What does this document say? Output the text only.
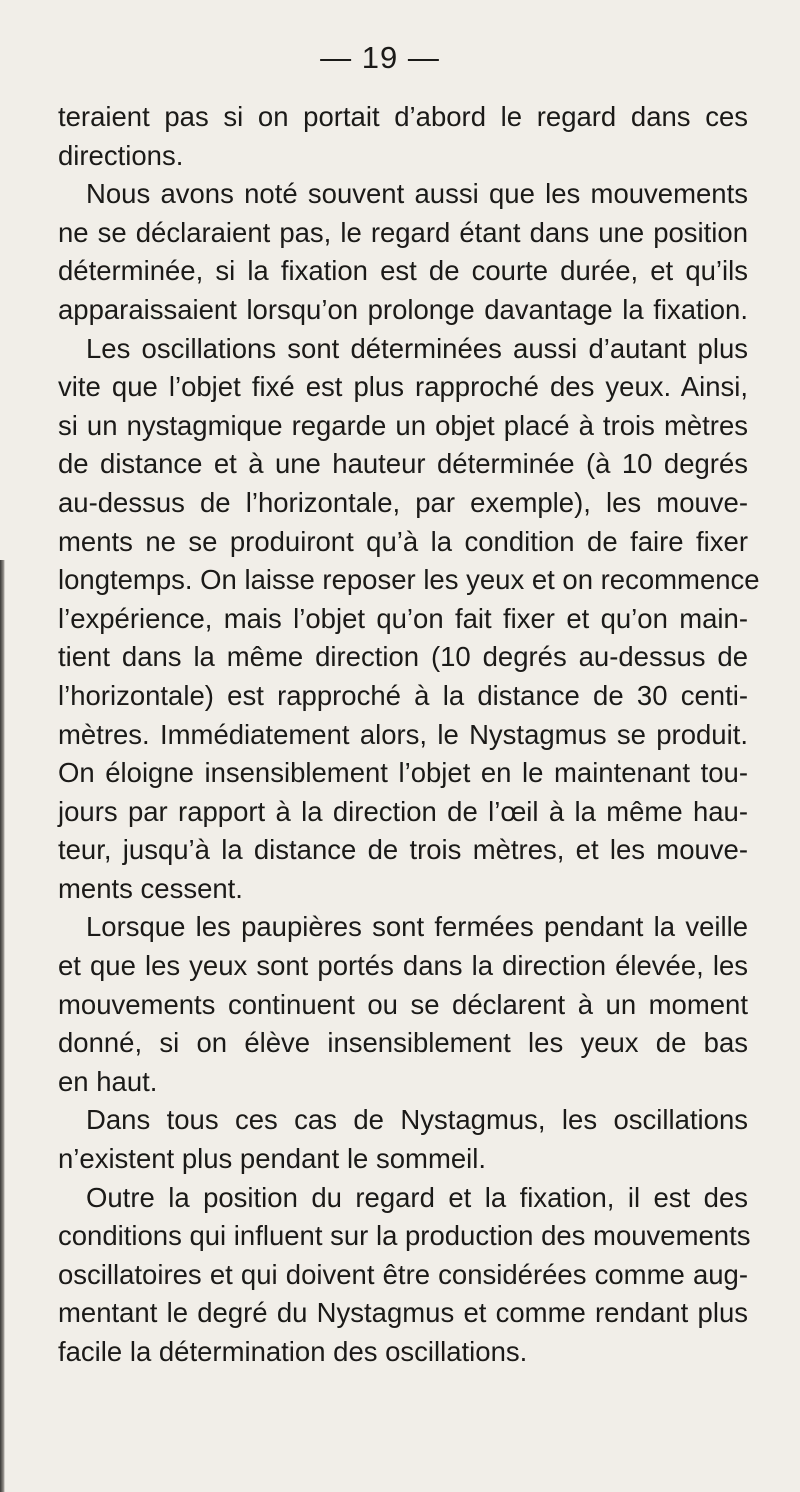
— 19 —
teraient pas si on portait d’abord le regard dans ces
directions.
Nous avons noté souvent aussi que les mouvements
ne se déclaraient pas, le regard étant dans une position
déterminée, si la fixation est de courte durée, et qu’ils
apparaissaient lorsqu’on prolonge davantage la fixation.
Les oscillations sont déterminées aussi d’autant plus
vite que l’objet fixé est plus rapproché des yeux. Ainsi,
si un nystagmique regarde un objet placé à trois mètres
de distance et à une hauteur déterminée (à 10 degrés
au-dessus de l’horizontale, par exemple), les mouve-
ments ne se produiront qu’à la condition de faire fixer
longtemps. On laisse reposer les yeux et on recommence
l’expérience, mais l’objet qu’on fait fixer et qu’on main-
tient dans la même direction (10 degrés au-dessus de
l’horizontale) est rapproché à la distance de 30 centi-
mètres. Immédiatement alors, le Nystagmus se produit.
On éloigne insensiblement l’objet en le maintenant tou-
jours par rapport à la direction de l’œil à la même hau-
teur, jusqu’à la distance de trois mètres, et les mouve-
ments cessent.
Lorsque les paupières sont fermées pendant la veille
et que les yeux sont portés dans la direction élevée, les
mouvements continuent ou se déclarent à un moment
donné, si on élève insensiblement les yeux de bas
en haut.
Dans tous ces cas de Nystagmus, les oscillations
n’existent plus pendant le sommeil.
Outre la position du regard et la fixation, il est des
conditions qui influent sur la production des mouvements
oscillatoires et qui doivent être considérées comme aug-
mentant le degré du Nystagmus et comme rendant plus
facile la détermination des oscillations.
